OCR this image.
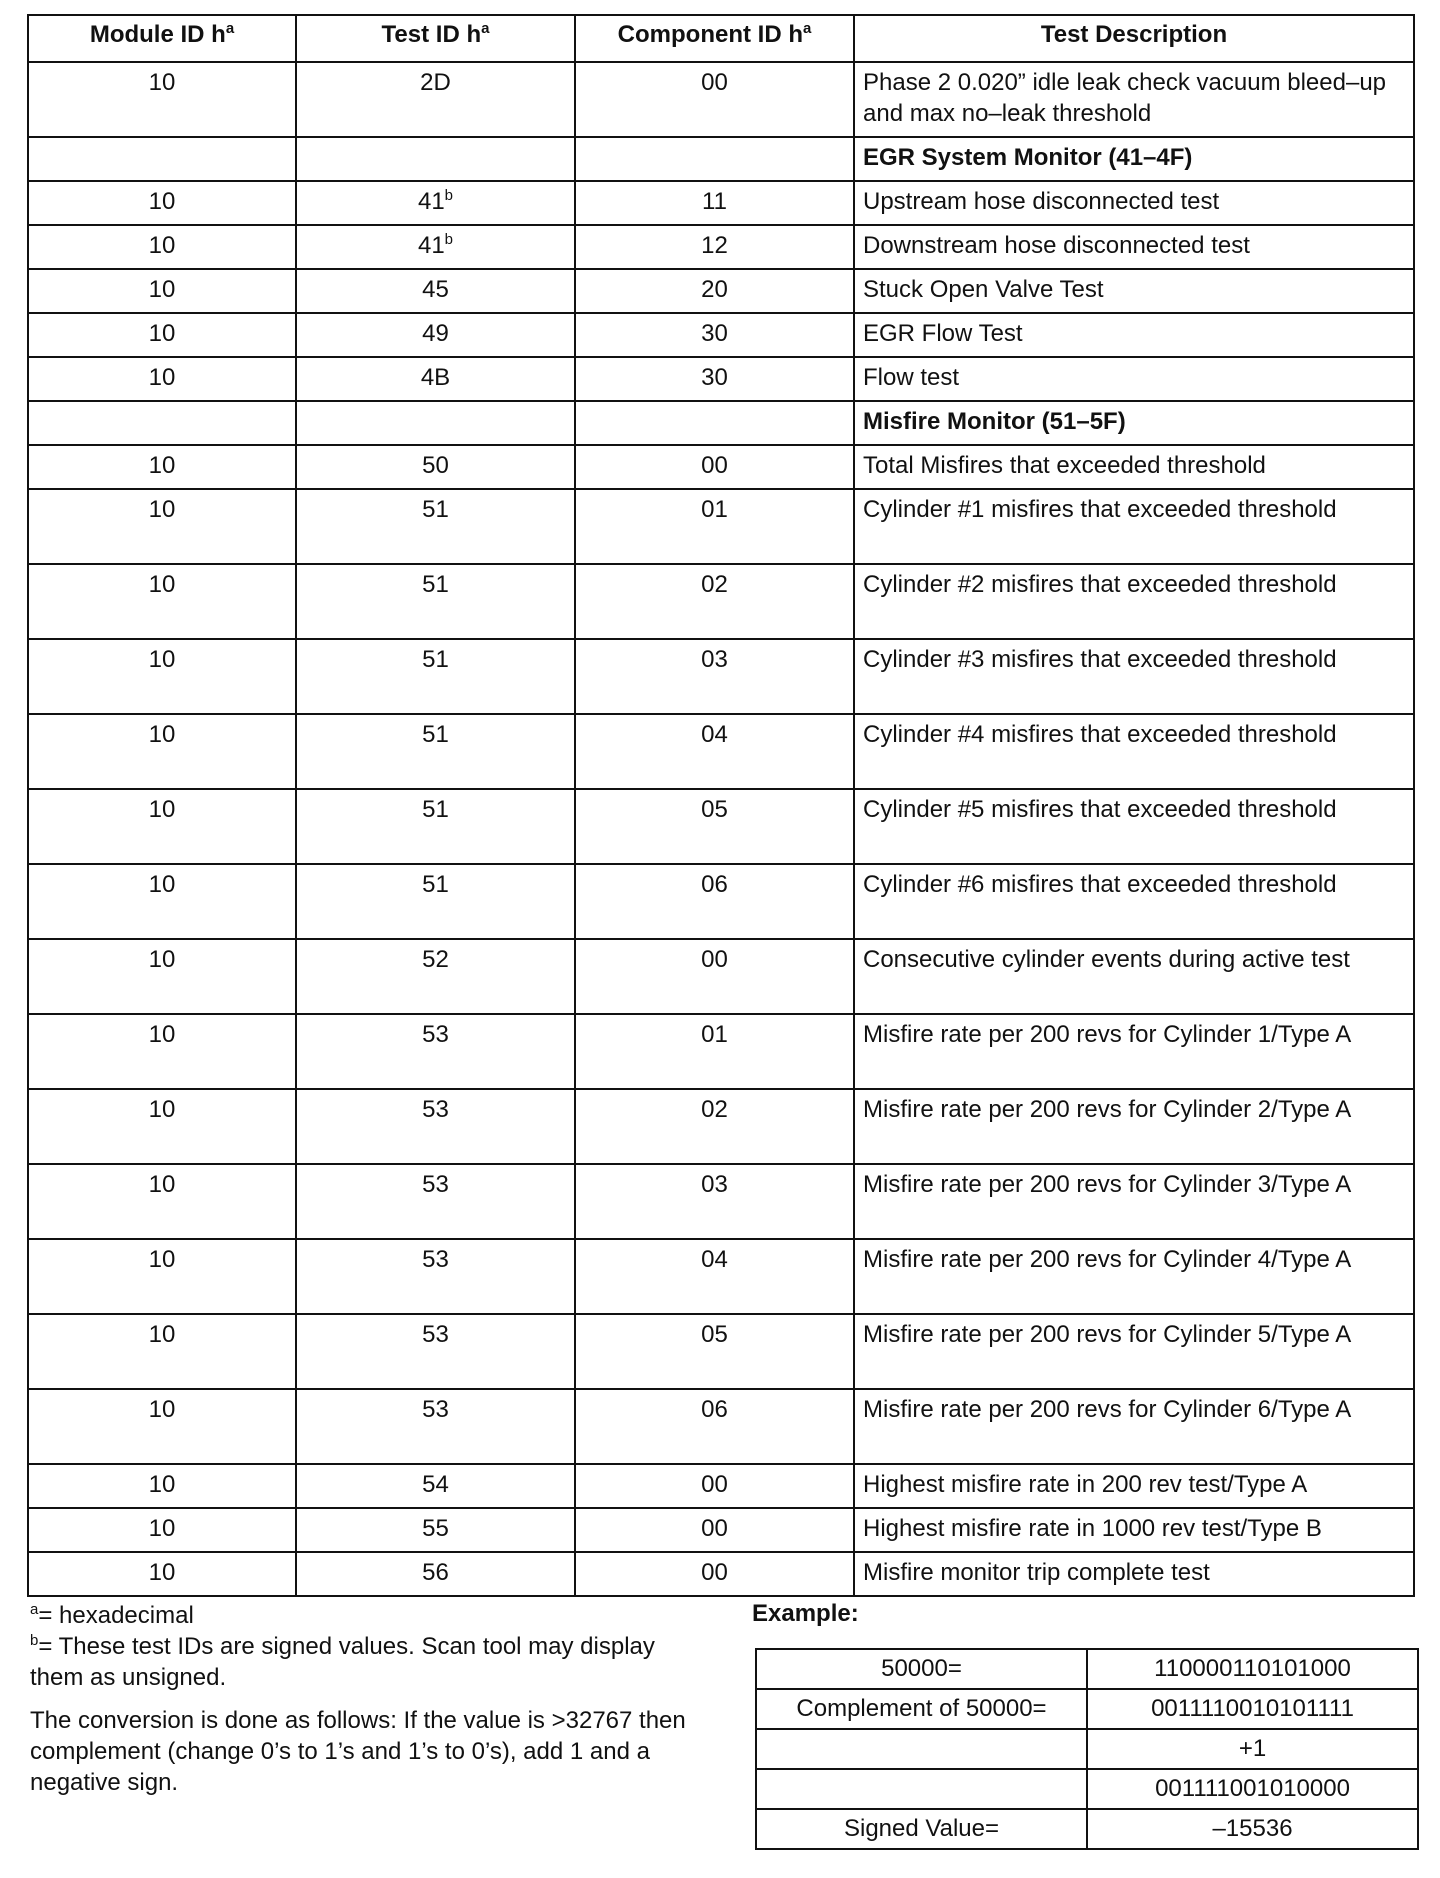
Module ID $h^a$	Test ID $h^a$	Component ID $h^a$	Test Description
10	2D	00	Phase 2 0.020” idle leak check vacuum bleed–up and max no–leak threshold
			EGR System Monitor (41–4F)
10	41$^b$	11	Upstream hose disconnected test
10	41$^b$	12	Downstream hose disconnected test
10	45	20	Stuck Open Valve Test
10	49	30	EGR Flow Test
10	4B	30	Flow test
			Misfire Monitor (51–5F)
10	50	00	Total Misfires that exceeded threshold
10	51	01	Cylinder #1 misfires that exceeded threshold
10	51	02	Cylinder #2 misfires that exceeded threshold
10	51	03	Cylinder #3 misfires that exceeded threshold
10	51	04	Cylinder #4 misfires that exceeded threshold
10	51	05	Cylinder #5 misfires that exceeded threshold
10	51	06	Cylinder #6 misfires that exceeded threshold
10	52	00	Consecutive cylinder events during active test
10	53	01	Misfire rate per 200 revs for Cylinder 1/Type A
10	53	02	Misfire rate per 200 revs for Cylinder 2/Type A
10	53	03	Misfire rate per 200 revs for Cylinder 3/Type A
10	53	04	Misfire rate per 200 revs for Cylinder 4/Type A
10	53	05	Misfire rate per 200 revs for Cylinder 5/Type A
10	53	06	Misfire rate per 200 revs for Cylinder 6/Type A
10	54	00	Highest misfire rate in 200 rev test/Type A
10	55	00	Highest misfire rate in 1000 rev test/Type B
10	56	00	Misfire monitor trip complete test

$^a$= hexadecimal

$^b$= These test IDs are signed values. Scan tool may display them as unsigned.

The conversion is done as follows: If the value is >32767 then complement (change 0’s to 1’s and 1’s to 0’s), add 1 and a negative sign.

Example:
50000=	110000110101000
Complement of 50000=	0011110010101111
	+1
	001111001010000
Signed Value=	–15536
